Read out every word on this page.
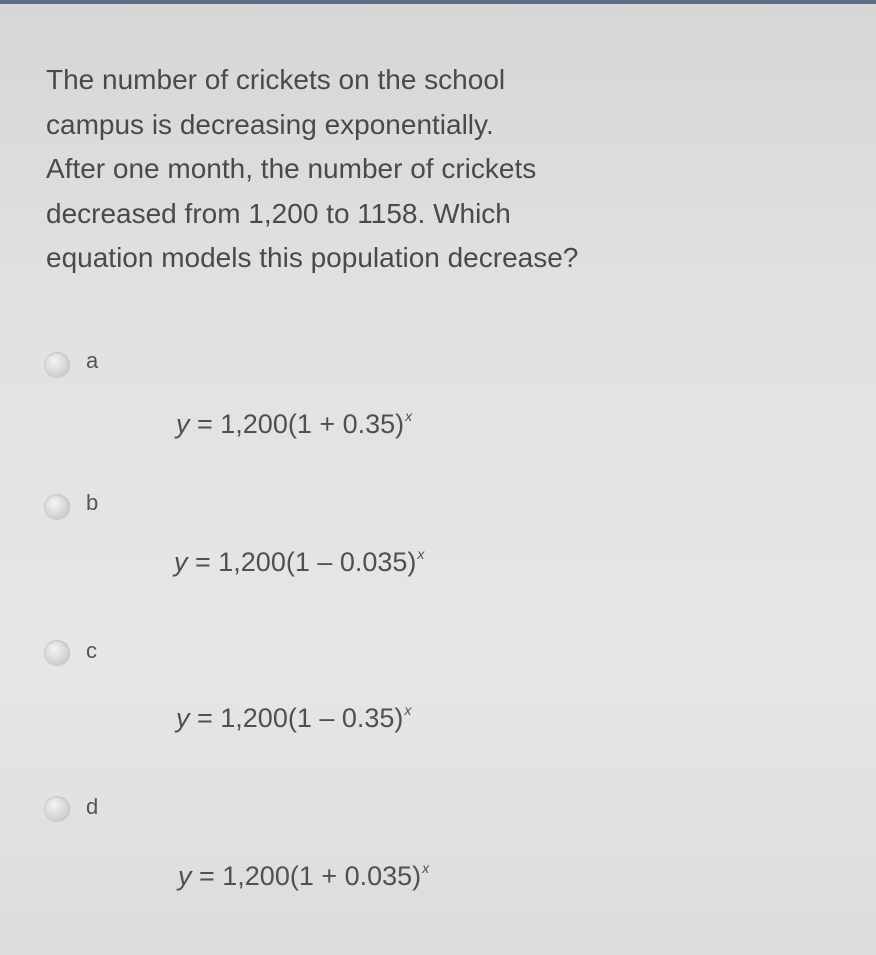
The number of crickets on the school
campus is decreasing exponentially.
After one month, the number of crickets
decreased from 1,200 to 1158. Which
equation models this population decrease?
a
$y = 1,200(1 + 0.35)^x$
b
y = 1,200(1 – 0.035)$^x$
c
y = 1,200(1 – 0.35)$^x$
d
$y = 1,200(1 + 0.035)^x$
